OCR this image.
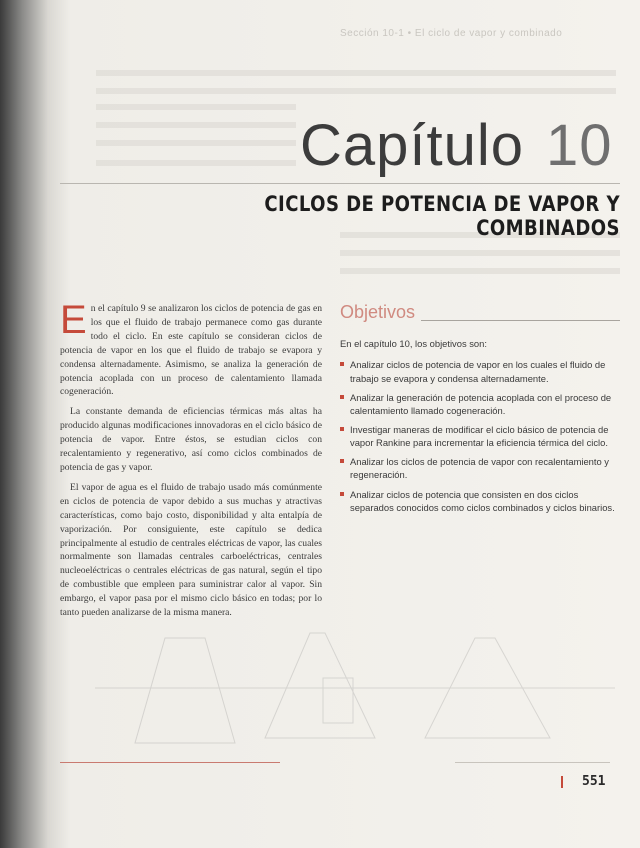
Sección 10-1 • El ciclo de vapor y combinado
Capítulo 10
CICLOS DE POTENCIA DE VAPOR Y COMBINADOS

En el capítulo 9 se analizaron los ciclos de potencia de gas en los que el fluido de trabajo permanece como gas durante todo el ciclo. En este capítulo se consideran ciclos de potencia de vapor en los que el fluido de trabajo se evapora y condensa alternadamente. Asimismo, se analiza la generación de potencia acoplada con un proceso de calentamiento llamada cogeneración.

La constante demanda de eficiencias térmicas más altas ha producido algunas modificaciones innovadoras en el ciclo básico de potencia de vapor. Entre éstos, se estudian ciclos con recalentamiento y regenerativo, así como ciclos combinados de potencia de gas y vapor.

El vapor de agua es el fluido de trabajo usado más comúnmente en ciclos de potencia de vapor debido a sus muchas y atractivas características, como bajo costo, disponibilidad y alta entalpía de vaporización. Por consiguiente, este capítulo se dedica principalmente al estudio de centrales eléctricas de vapor, las cuales normalmente son llamadas centrales carboeléctricas, centrales nucleoeléctricas o centrales eléctricas de gas natural, según el tipo de combustible que empleen para suministrar calor al vapor. Sin embargo, el vapor pasa por el mismo ciclo básico en todas; por lo tanto pueden analizarse de la misma manera.

Objetivos

En el capítulo 10, los objetivos son:

Analizar ciclos de potencia de vapor en los cuales el fluido de trabajo se evapora y condensa alternadamente.
Analizar la generación de potencia acoplada con el proceso de calentamiento llamado cogeneración.
Investigar maneras de modificar el ciclo básico de potencia de vapor Rankine para incrementar la eficiencia térmica del ciclo.
Analizar los ciclos de potencia de vapor con recalentamiento y regeneración.
Analizar ciclos de potencia que consisten en dos ciclos separados conocidos como ciclos combinados y ciclos binarios.
551
